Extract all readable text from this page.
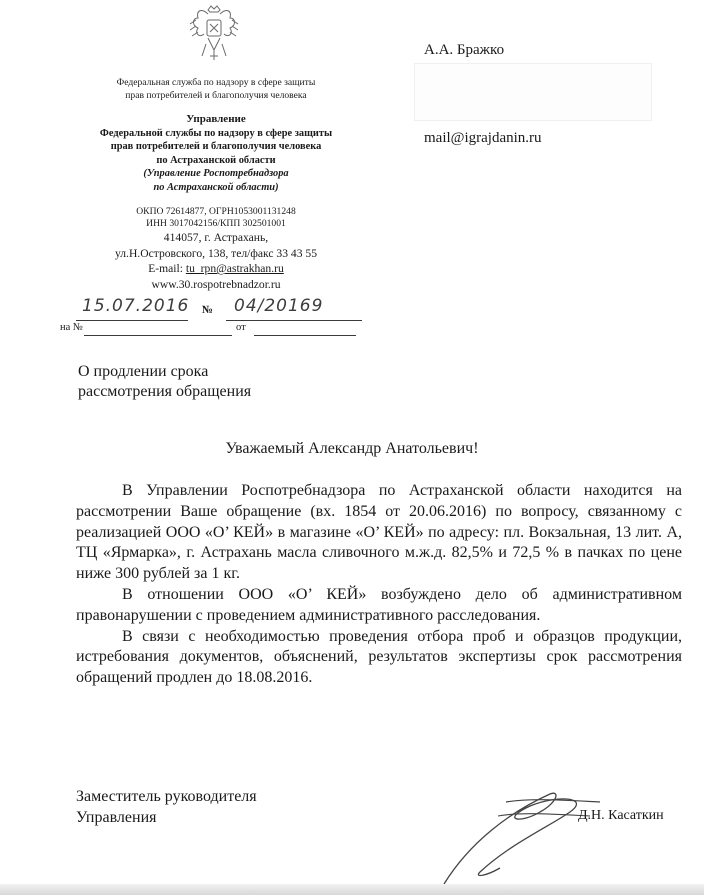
Федеральная служба по надзору в сфере защиты
прав потребителей и благополучия человека
Управление
Федеральной службы по надзору в сфере защиты
прав потребителей и благополучия человека
по Астраханской области
(Управление Роспотребнадзора
по Астраханской области)
ОКПО 72614877, ОГРН1053001131248
ИНН 3017042156/КПП 302501001
414057, г. Астрахань,
ул.Н.Островского, 138, тел/факс 33 43 55
E-mail: tu_rpn@astrakhan.ru
www.30.rospotrebnadzor.ru
15.07.2016 № 04/20169
на №	от
А.А. Бражко
mail@igrajdanin.ru
О продлении срока
рассмотрения обращения
Уважаемый Александр Анатольевич!

В Управлении Роспотребнадзора по Астраханской области находится на рассмотрении Ваше обращение (вх. 1854 от 20.06.2016) по вопросу, связанному с реализацией ООО «О’ КЕЙ» в магазине «О’ КЕЙ» по адресу: пл. Вокзальная, 13 лит. А, ТЦ «Ярмарка», г. Астрахань масла сливочного м.ж.д. 82,5% и 72,5 % в пачках по цене ниже 300 рублей за 1 кг.

В отношении ООО «О’ КЕЙ» возбуждено дело об административном правонарушении с проведением административного расследования.

В связи с необходимостью проведения отбора проб и образцов продукции, истребования документов, объяснений, результатов экспертизы срок рассмотрения обращений продлен до 18.08.2016.

Заместитель руководителя
Управления	Д.Н. Касаткин
